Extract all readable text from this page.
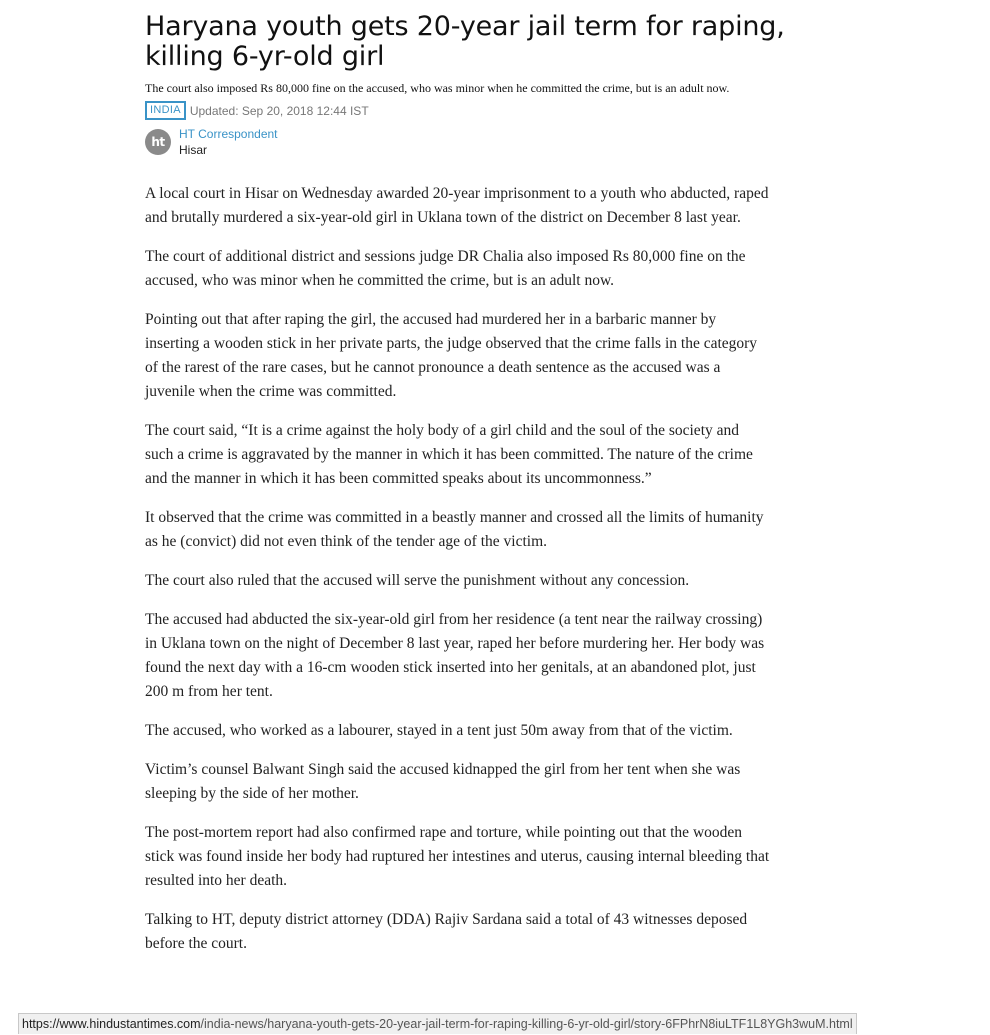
Haryana youth gets 20-year jail term for raping, killing 6-yr-old girl
The court also imposed Rs 80,000 fine on the accused, who was minor when he committed the crime, but is an adult now.
INDIA Updated: Sep 20, 2018 12:44 IST
ht
HT Correspondent
Hisar

A local court in Hisar on Wednesday awarded 20-year imprisonment to a youth who abducted, raped and brutally murdered a six-year-old girl in Uklana town of the district on December 8 last year.

The court of additional district and sessions judge DR Chalia also imposed Rs 80,000 fine on the accused, who was minor when he committed the crime, but is an adult now.

Pointing out that after raping the girl, the accused had murdered her in a barbaric manner by inserting a wooden stick in her private parts, the judge observed that the crime falls in the category of the rarest of the rare cases, but he cannot pronounce a death sentence as the accused was a juvenile when the crime was committed.

The court said, “It is a crime against the holy body of a girl child and the soul of the society and such a crime is aggravated by the manner in which it has been committed. The nature of the crime and the manner in which it has been committed speaks about its uncommonness.”

It observed that the crime was committed in a beastly manner and crossed all the limits of humanity as he (convict) did not even think of the tender age of the victim.

The court also ruled that the accused will serve the punishment without any concession.

The accused had abducted the six-year-old girl from her residence (a tent near the railway crossing) in Uklana town on the night of December 8 last year, raped her before murdering her. Her body was found the next day with a 16-cm wooden stick inserted into her genitals, at an abandoned plot, just 200 m from her tent.

The accused, who worked as a labourer, stayed in a tent just 50m away from that of the victim.

Victim’s counsel Balwant Singh said the accused kidnapped the girl from her tent when she was sleeping by the side of her mother.

The post-mortem report had also confirmed rape and torture, while pointing out that the wooden stick was found inside her body had ruptured her intestines and uterus, causing internal bleeding that resulted into her death.

Talking to HT, deputy district attorney (DDA) Rajiv Sardana said a total of 43 witnesses deposed before the court.

https://www.hindustantimes.com/india-news/haryana-youth-gets-20-year-jail-term-for-raping-killing-6-yr-old-girl/story-6FPhrN8iuLTF1L8YGh3wuM.html
